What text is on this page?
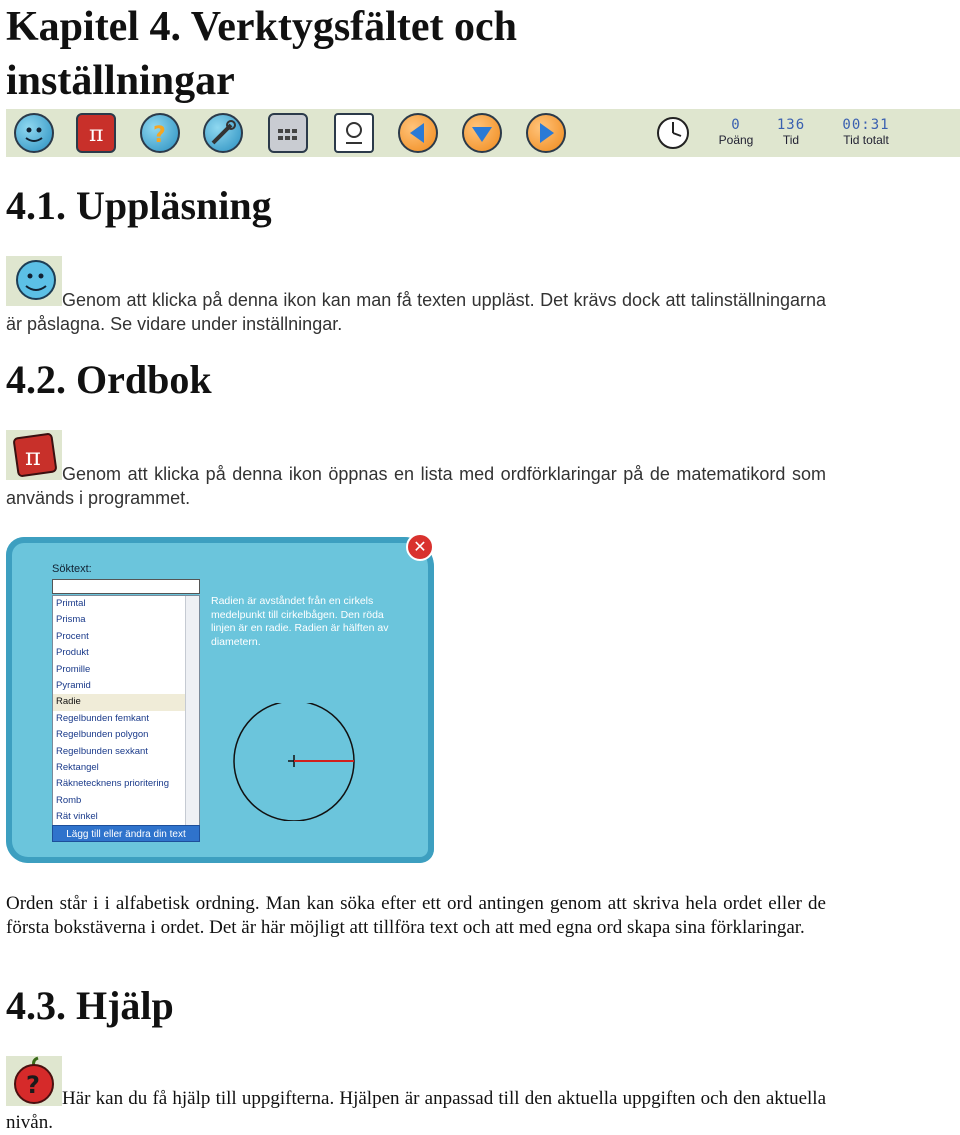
Kapitel 4. Verktygsfältet och inställningar
π ?	0
Poäng
136
Tid
00:31
Tid totalt
4.1. Uppläsning

Genom att klicka på denna ikon kan man få texten uppläst. Det krävs dock att talinställningarna är påslagna. Se vidare under inställningar.

4.2. Ordbok
π

Genom att klicka på denna ikon öppnas en lista med ordförklaringar på de matematikord som används i programmet.

Söktext:
Primtal
Prisma
Procent
Produkt
Promille
Pyramid
Radie
Regelbunden femkant
Regelbunden polygon
Regelbunden sexkant
Rektangel
Räknetecknens prioritering
Romb
Rät vinkel
Lägg till eller ändra din text
Radien är avståndet från en cirkels medelpunkt till cirkelbågen. Den röda linjen är en radie. Radien är hälften av diametern.
✕

Orden står i i alfabetisk ordning. Man kan söka efter ett ord antingen genom att skriva hela ordet eller de första bokstäverna i ordet. Det är här möjligt att tillföra text och att med egna ord skapa sina förklaringar.

4.3. Hjälp
?	Här kan du få hjälp till uppgifterna. Hjälpen är anpassad till den aktuella uppgiften och den aktuella nivån.
